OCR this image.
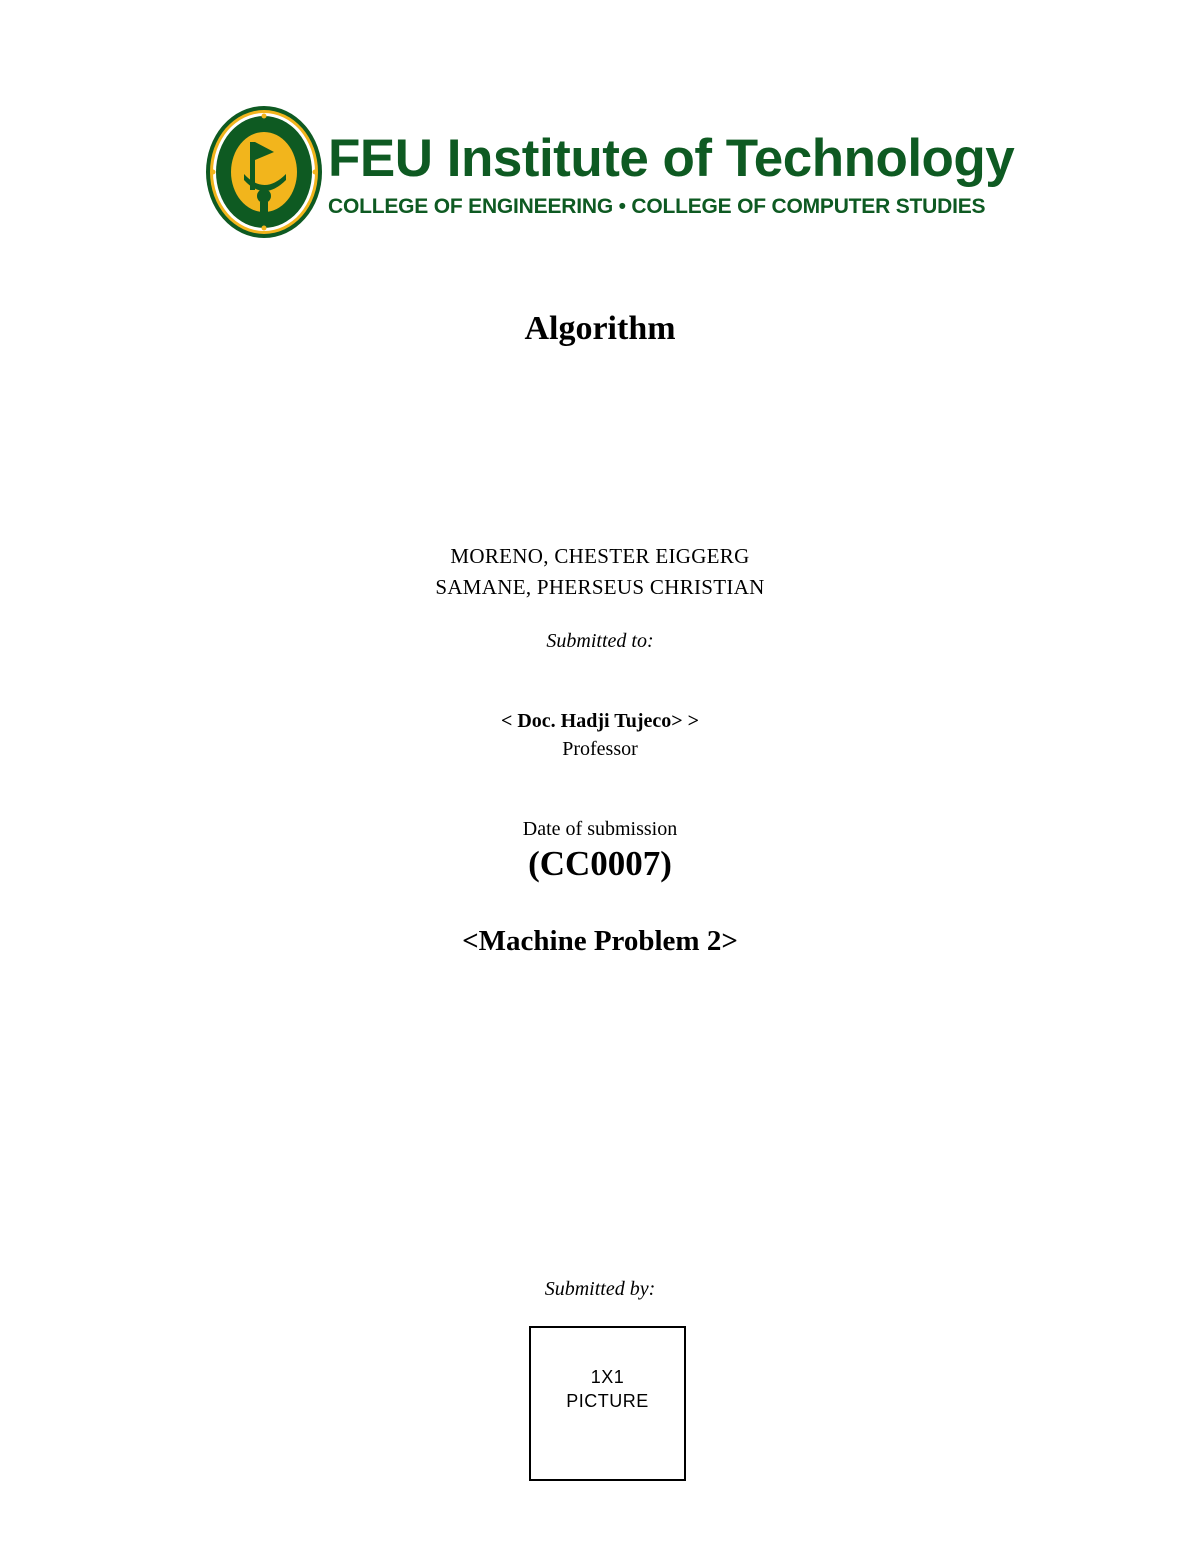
FEU Institute of Technology
COLLEGE OF ENGINEERING • COLLEGE OF COMPUTER STUDIES
Algorithm
MORENO, CHESTER EIGGERG
SAMANE, PHERSEUS CHRISTIAN
Submitted to:
< Doc. Hadji Tujeco> >
Professor
Date of submission
(CC0007)
<Machine Problem 2>
Submitted by:
1X1
PICTURE
